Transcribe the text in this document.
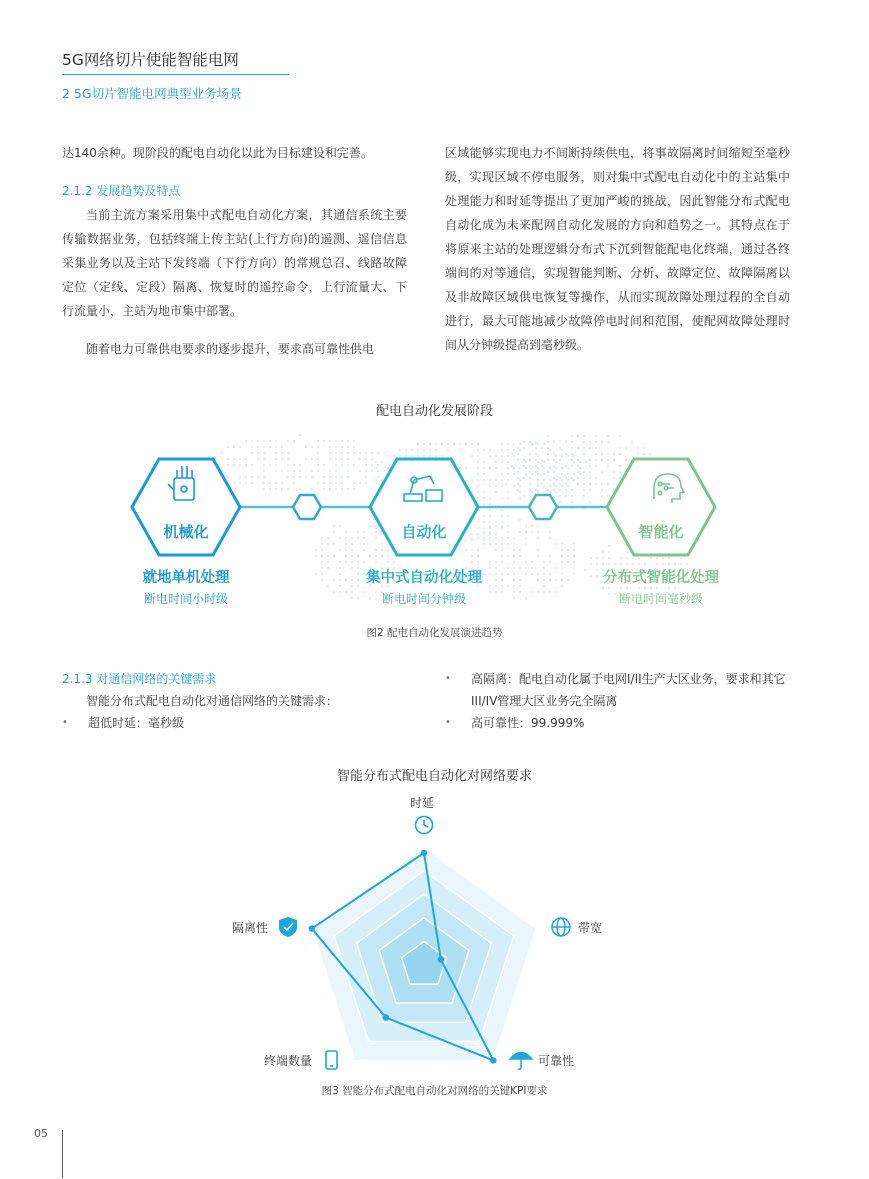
5G网络切片使能智能电网
2 5G切片智能电网典型业务场景

达140余种。现阶段的配电自动化以此为目标建设和完善。

2.1.2 发展趋势及特点

当前主流方案采用集中式配电自动化方案，其通信系统主要传输数据业务，包括终端上传主站(上行方向)的遥测、遥信信息采集业务以及主站下发终端（下行方向）的常规总召、线路故障定位（定线、定段）隔离、恢复时的遥控命令，上行流量大、下行流量小，主站为地市集中部署。

随着电力可靠供电要求的逐步提升，要求高可靠性供电

区域能够实现电力不间断持续供电，将事故隔离时间缩短至毫秒级，实现区域不停电服务，则对集中式配电自动化中的主站集中处理能力和时延等提出了更加严峻的挑战，因此智能分布式配电自动化成为未来配网自动化发展的方向和趋势之一。其特点在于将原来主站的处理逻辑分布式下沉到智能配电化终端，通过各终端间的对等通信，实现智能判断、分析、故障定位、故障隔离以及非故障区域供电恢复等操作，从而实现故障处理过程的全自动进行，最大可能地减少故障停电时间和范围，使配网故障处理时间从分钟级提高到毫秒级。

配电自动化发展阶段
机械化	自动化	智能化
就地单机处理
断电时间小时级
集中式自动化处理
断电时间分钟级
分布式智能化处理
断电时间毫秒级
图2 配电自动化发展演进趋势

2.1.3 对通信网络的关键需求

智能分布式配电自动化对通信网络的关键需求：

• 超低时延：毫秒级
• 高隔离：配电自动化属于电网I/II生产大区业务，要求和其它III/IV管理大区业务完全隔离
• 高可靠性：99.999%
智能分布式配电自动化对网络要求
时延
带宽
可靠性
终端数量
隔离性
图3 智能分布式配电自动化对网络的关键KPI要求
05
